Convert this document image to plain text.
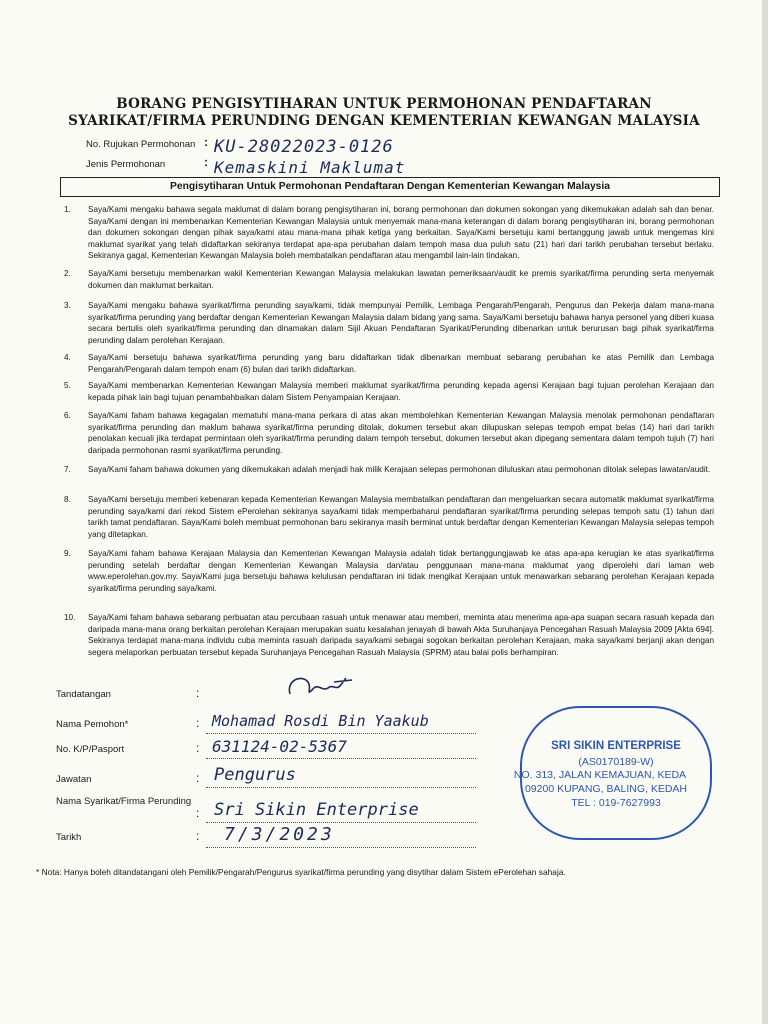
BORANG PENGISYTIHARAN UNTUK PERMOHONAN PENDAFTARAN
SYARIKAT/FIRMA PERUNDING DENGAN KEMENTERIAN KEWANGAN MALAYSIA
No. Rujukan Permohonan : KU-28022023-0126
Jenis Permohonan	: Kemaskini Maklumat
Pengisytiharan Untuk Permohonan Pendaftaran Dengan Kementerian Kewangan Malaysia
1. Saya/Kami mengaku bahawa segala maklumat di dalam borang pengisytiharan ini, borang permohonan dan dokumen sokongan yang dikemukakan adalah sah dan benar. Saya/Kami dengan ini membenarkan Kementerian Kewangan Malaysia untuk menyemak mana-mana keterangan di dalam borang pengisytiharan ini, borang permohonan dan dokumen sokongan dengan pihak saya/kami atau mana-mana pihak ketiga yang berkaitan. Saya/Kami bersetuju kami bertanggung jawab untuk mengemas kini maklumat syarikat yang telah didaftarkan sekiranya terdapat apa-apa perubahan dalam tempoh masa dua puluh satu (21) hari dari tarikh perubahan tersebut berlaku. Sekiranya gagal, Kementerian Kewangan Malaysia boleh membatalkan pendaftaran atau mengambil lain-lain tindakan.
2. Saya/Kami bersetuju membenarkan wakil Kementerian Kewangan Malaysia melakukan lawatan pemeriksaan/audit ke premis syarikat/firma perunding serta menyemak dokumen dan maklumat berkaitan.
3. Saya/Kami mengaku bahawa syarikat/firma perunding saya/kami, tidak mempunyai Pemilik, Lembaga Pengarah/Pengarah, Pengurus dan Pekerja dalam mana-mana syarikat/firma perunding yang berdaftar dengan Kementerian Kewangan Malaysia dalam bidang yang sama. Saya/Kami bersetuju bahawa hanya personel yang diberi kuasa secara bertulis oleh syarikat/firma perunding dan dinamakan dalam Sijil Akuan Pendaftaran Syarikat/Perunding dibenarkan untuk berurusan bagi pihak syarikat/firma perunding dalam perolehan Kerajaan.
4. Saya/Kami bersetuju bahawa syarikat/firma perunding yang baru didaftarkan tidak dibenarkan membuat sebarang perubahan ke atas Pemilik dan Lembaga Pengarah/Pengarah dalam tempoh enam (6) bulan dari tarikh didaftarkan.
5. Saya/Kami membenarkan Kementerian Kewangan Malaysia memberi maklumat syarikat/firma perunding kepada agensi Kerajaan bagi tujuan perolehan Kerajaan dan kepada pihak lain bagi tujuan penambahbaikan dalam Sistem Penyampaian Kerajaan.
6. Saya/Kami faham bahawa kegagalan mematuhi mana-mana perkara di atas akan membolehkan Kementerian Kewangan Malaysia menolak permohonan pendaftaran syarikat/firma perunding dan maklum bahawa syarikat/firma perunding ditolak, dokumen tersebut akan dilupuskan selepas tempoh empat belas (14) hari dari tarikh penolakan kecuali jika terdapat permintaan oleh syarikat/firma perunding dalam tempoh tersebut, dokumen tersebut akan dipegang sementara dalam tempoh tujuh (7) hari daripada permohonan rasmi syarikat/firma perunding.
7. Saya/Kami faham bahawa dokumen yang dikemukakan adalah menjadi hak milik Kerajaan selepas permohonan diluluskan atau permohonan ditolak selepas lawatan/audit.
8. Saya/Kami bersetuju memberi kebenaran kepada Kementerian Kewangan Malaysia membatalkan pendaftaran dan mengeluarkan secara automatik maklumat syarikat/firma perunding saya/kami dari rekod Sistem ePerolehan sekiranya saya/kami tidak memperbaharui pendaftaran syarikat/firma perunding selepas tempoh satu (1) tahun dari tarikh tamat pendaftaran. Saya/Kami boleh membuat permohonan baru sekiranya masih berminat untuk berdaftar dengan Kementerian Kewangan Malaysia selepas tempoh yang ditetapkan.
9. Saya/Kami faham bahawa Kerajaan Malaysia dan Kementerian Kewangan Malaysia adalah tidak bertanggungjawab ke atas apa-apa kerugian ke atas syarikat/firma perunding setelah berdaftar dengan Kementerian Kewangan Malaysia dan/atau penggunaan mana-mana maklumat yang diperolehi dari laman web www.eperolehan.gov.my. Saya/Kami juga bersetuju bahawa kelulusan pendaftaran ini tidak mengikat Kerajaan untuk menawarkan sebarang perolehan Kerajaan kepada syarikat/firma perunding saya/kami.
10. Saya/Kami faham bahawa sebarang perbuatan atau percubaan rasuah untuk menawar atau memberi, meminta atau menerima apa-apa suapan secara rasuah kepada dan daripada mana-mana orang berkaitan perolehan Kerajaan merupakan suatu kesalahan jenayah di bawah Akta Suruhanjaya Pencegahan Rasuah Malaysia 2009 [Akta 694]. Sekiranya terdapat mana-mana individu cuba meminta rasuah daripada saya/kami sebagai sogokan berkaitan perolehan Kerajaan, maka saya/kami berjanji akan dengan segera melaporkan perbuatan tersebut kepada Suruhanjaya Pencegahan Rasuah Malaysia (SPRM) atau balai polis berhampiran.
Tandatangan	:
Nama Pemohon*	: Mohamad Rosdi Bin Yaakub
No. K/P/Pasport	: 631124-02-5367
Jawatan	: Pengurus
Nama Syarikat/Firma Perunding
: Sri Sikin Enterprise
Tarikh	: 7/3/2023
SRI SIKIN ENTERPRISE
(AS0170189-W)
NO. 313, JALAN KEMAJUAN, KEDA
09200 KUPANG, BALING, KEDAH
TEL : 019-7627993
* Nota: Hanya boleh ditandatangani oleh Pemilik/Pengarah/Pengurus syarikat/firma perunding yang disytihar dalam Sistem ePerolehan sahaja.
